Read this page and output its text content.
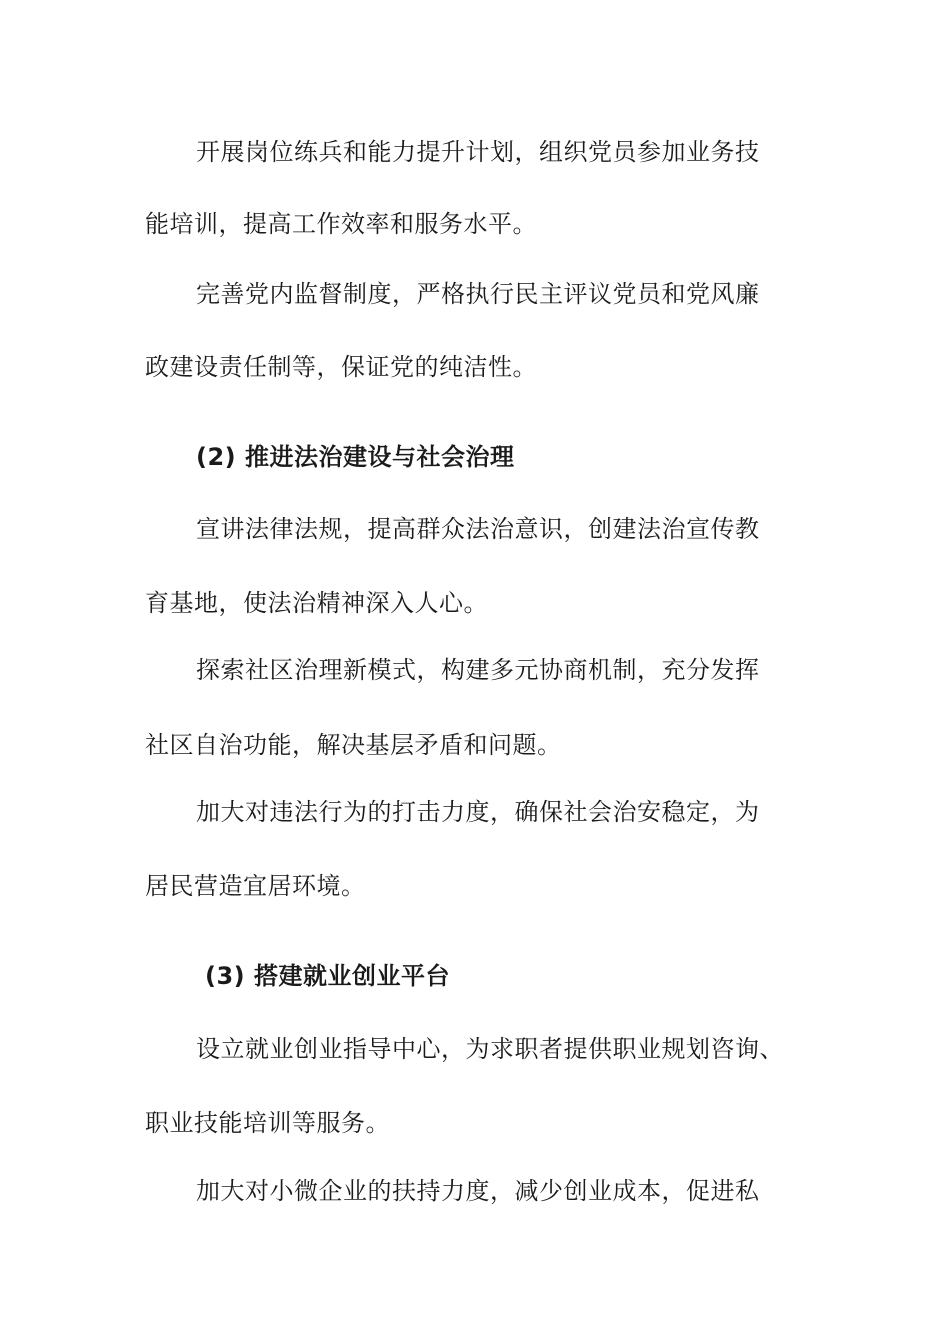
开展岗位练兵和能力提升计划，组织党员参加业务技
能培训，提高工作效率和服务水平。
完善党内监督制度，严格执行民主评议党员和党风廉
政建设责任制等，保证党的纯洁性。
(2) 推进法治建设与社会治理
宣讲法律法规，提高群众法治意识，创建法治宣传教
育基地，使法治精神深入人心。
探索社区治理新模式，构建多元协商机制，充分发挥
社区自治功能，解决基层矛盾和问题。
加大对违法行为的打击力度，确保社会治安稳定，为
居民营造宜居环境。
(3) 搭建就业创业平台
设立就业创业指导中心，为求职者提供职业规划咨询、
职业技能培训等服务。
加大对小微企业的扶持力度，减少创业成本，促进私
